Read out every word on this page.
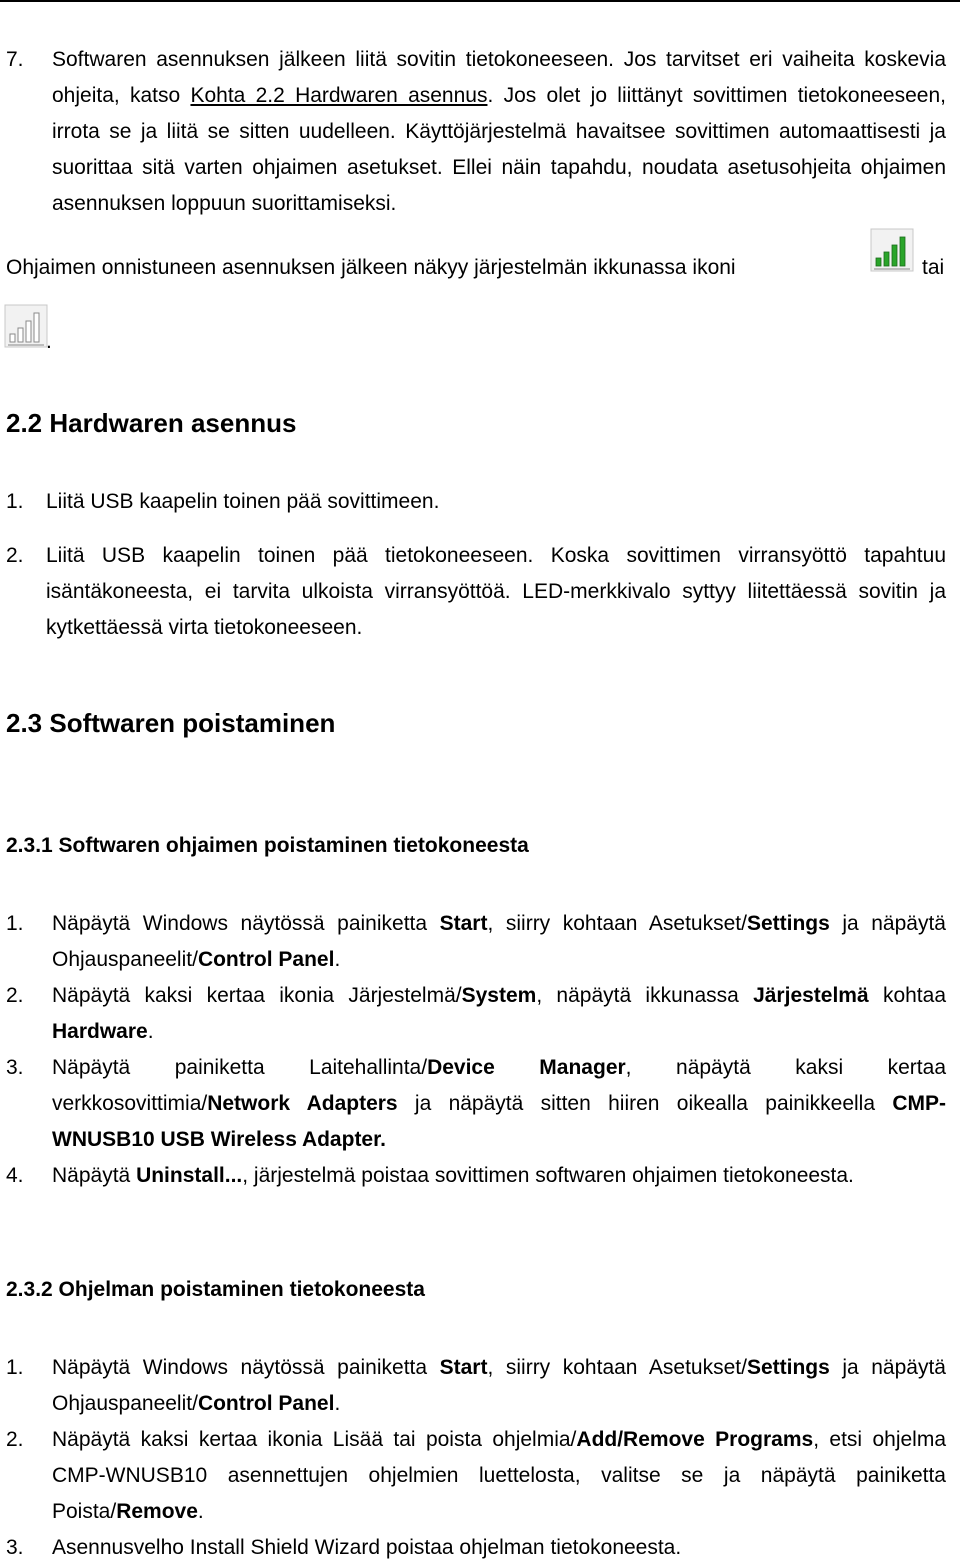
7. Softwaren asennuksen jälkeen liitä sovitin tietokoneeseen. Jos tarvitset eri vaiheita koskevia ohjeita, katso Kohta 2.2 Hardwaren asennus. Jos olet jo liittänyt sovittimen tietokoneeseen, irrota se ja liitä se sitten uudelleen. Käyttöjärjestelmä havaitsee sovittimen automaattisesti ja suorittaa sitä varten ohjaimen asetukset. Ellei näin tapahdu, noudata asetusohjeita ohjaimen asennuksen loppuun suorittamiseksi.
Ohjaimen onnistuneen asennuksen jälkeen näkyy järjestelmän ikkunassa ikoni	tai
.
2.2 Hardwaren asennus
1. Liitä USB kaapelin toinen pää sovittimeen.
2. Liitä USB kaapelin toinen pää tietokoneeseen. Koska sovittimen virransyöttö tapahtuu isäntäkoneesta, ei tarvita ulkoista virransyöttöä. LED-merkkivalo syttyy liitettäessä sovitin ja kytkettäessä virta tietokoneeseen.
2.3 Softwaren poistaminen
2.3.1 Softwaren ohjaimen poistaminen tietokoneesta
1. Näpäytä Windows näytössä painiketta Start, siirry kohtaan Asetukset/Settings ja näpäytä Ohjauspaneelit/Control Panel.
2. Näpäytä kaksi kertaa ikonia Järjestelmä/System, näpäytä ikkunassa Järjestelmä kohtaa Hardware.
3. Näpäytä painiketta Laitehallinta/Device Manager, näpäytä kaksi kertaa verkkosovittimia/Network Adapters ja näpäytä sitten hiiren oikealla painikkeella CMP-WNUSB10 USB Wireless Adapter.
4. Näpäytä Uninstall..., järjestelmä poistaa sovittimen softwaren ohjaimen tietokoneesta.
2.3.2 Ohjelman poistaminen tietokoneesta
1. Näpäytä Windows näytössä painiketta Start, siirry kohtaan Asetukset/Settings ja näpäytä Ohjauspaneelit/Control Panel.
2. Näpäytä kaksi kertaa ikonia Lisää tai poista ohjelmia/Add/Remove Programs, etsi ohjelma CMP-WNUSB10 asennettujen ohjelmien luettelosta, valitse se ja näpäytä painiketta Poista/Remove.
3. Asennusvelho Install Shield Wizard poistaa ohjelman tietokoneesta.
